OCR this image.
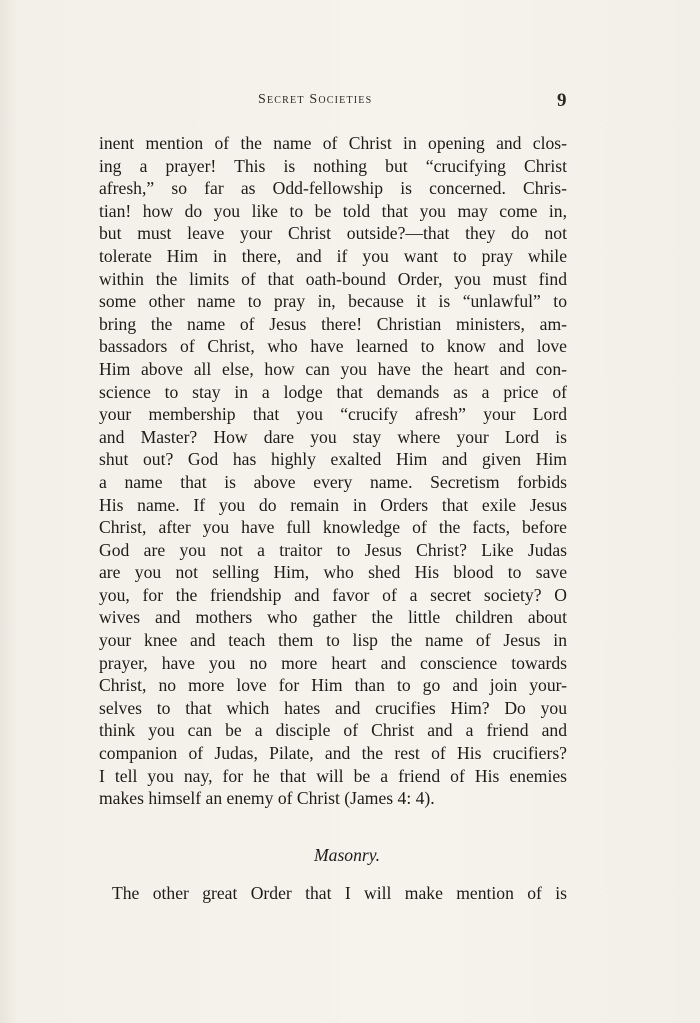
Secret Societies	9
inent mention of the name of Christ in opening and clos-
ing a prayer! This is nothing but “crucifying Christ
afresh,” so far as Odd-fellowship is concerned. Chris-
tian! how do you like to be told that you may come in,
but must leave your Christ outside?—that they do not
tolerate Him in there, and if you want to pray while
within the limits of that oath-bound Order, you must find
some other name to pray in, because it is “unlawful” to
bring the name of Jesus there! Christian ministers, am-
bassadors of Christ, who have learned to know and love
Him above all else, how can you have the heart and con-
science to stay in a lodge that demands as a price of
your membership that you “crucify afresh” your Lord
and Master? How dare you stay where your Lord is
shut out? God has highly exalted Him and given Him
a name that is above every name. Secretism forbids
His name. If you do remain in Orders that exile Jesus
Christ, after you have full knowledge of the facts, before
God are you not a traitor to Jesus Christ? Like Judas
are you not selling Him, who shed His blood to save
you, for the friendship and favor of a secret society? O
wives and mothers who gather the little children about
your knee and teach them to lisp the name of Jesus in
prayer, have you no more heart and conscience towards
Christ, no more love for Him than to go and join your-
selves to that which hates and crucifies Him? Do you
think you can be a disciple of Christ and a friend and
companion of Judas, Pilate, and the rest of His crucifiers?
I tell you nay, for he that will be a friend of His enemies
makes himself an enemy of Christ (James 4: 4).
Masonry.
The other great Order that I will make mention of is
